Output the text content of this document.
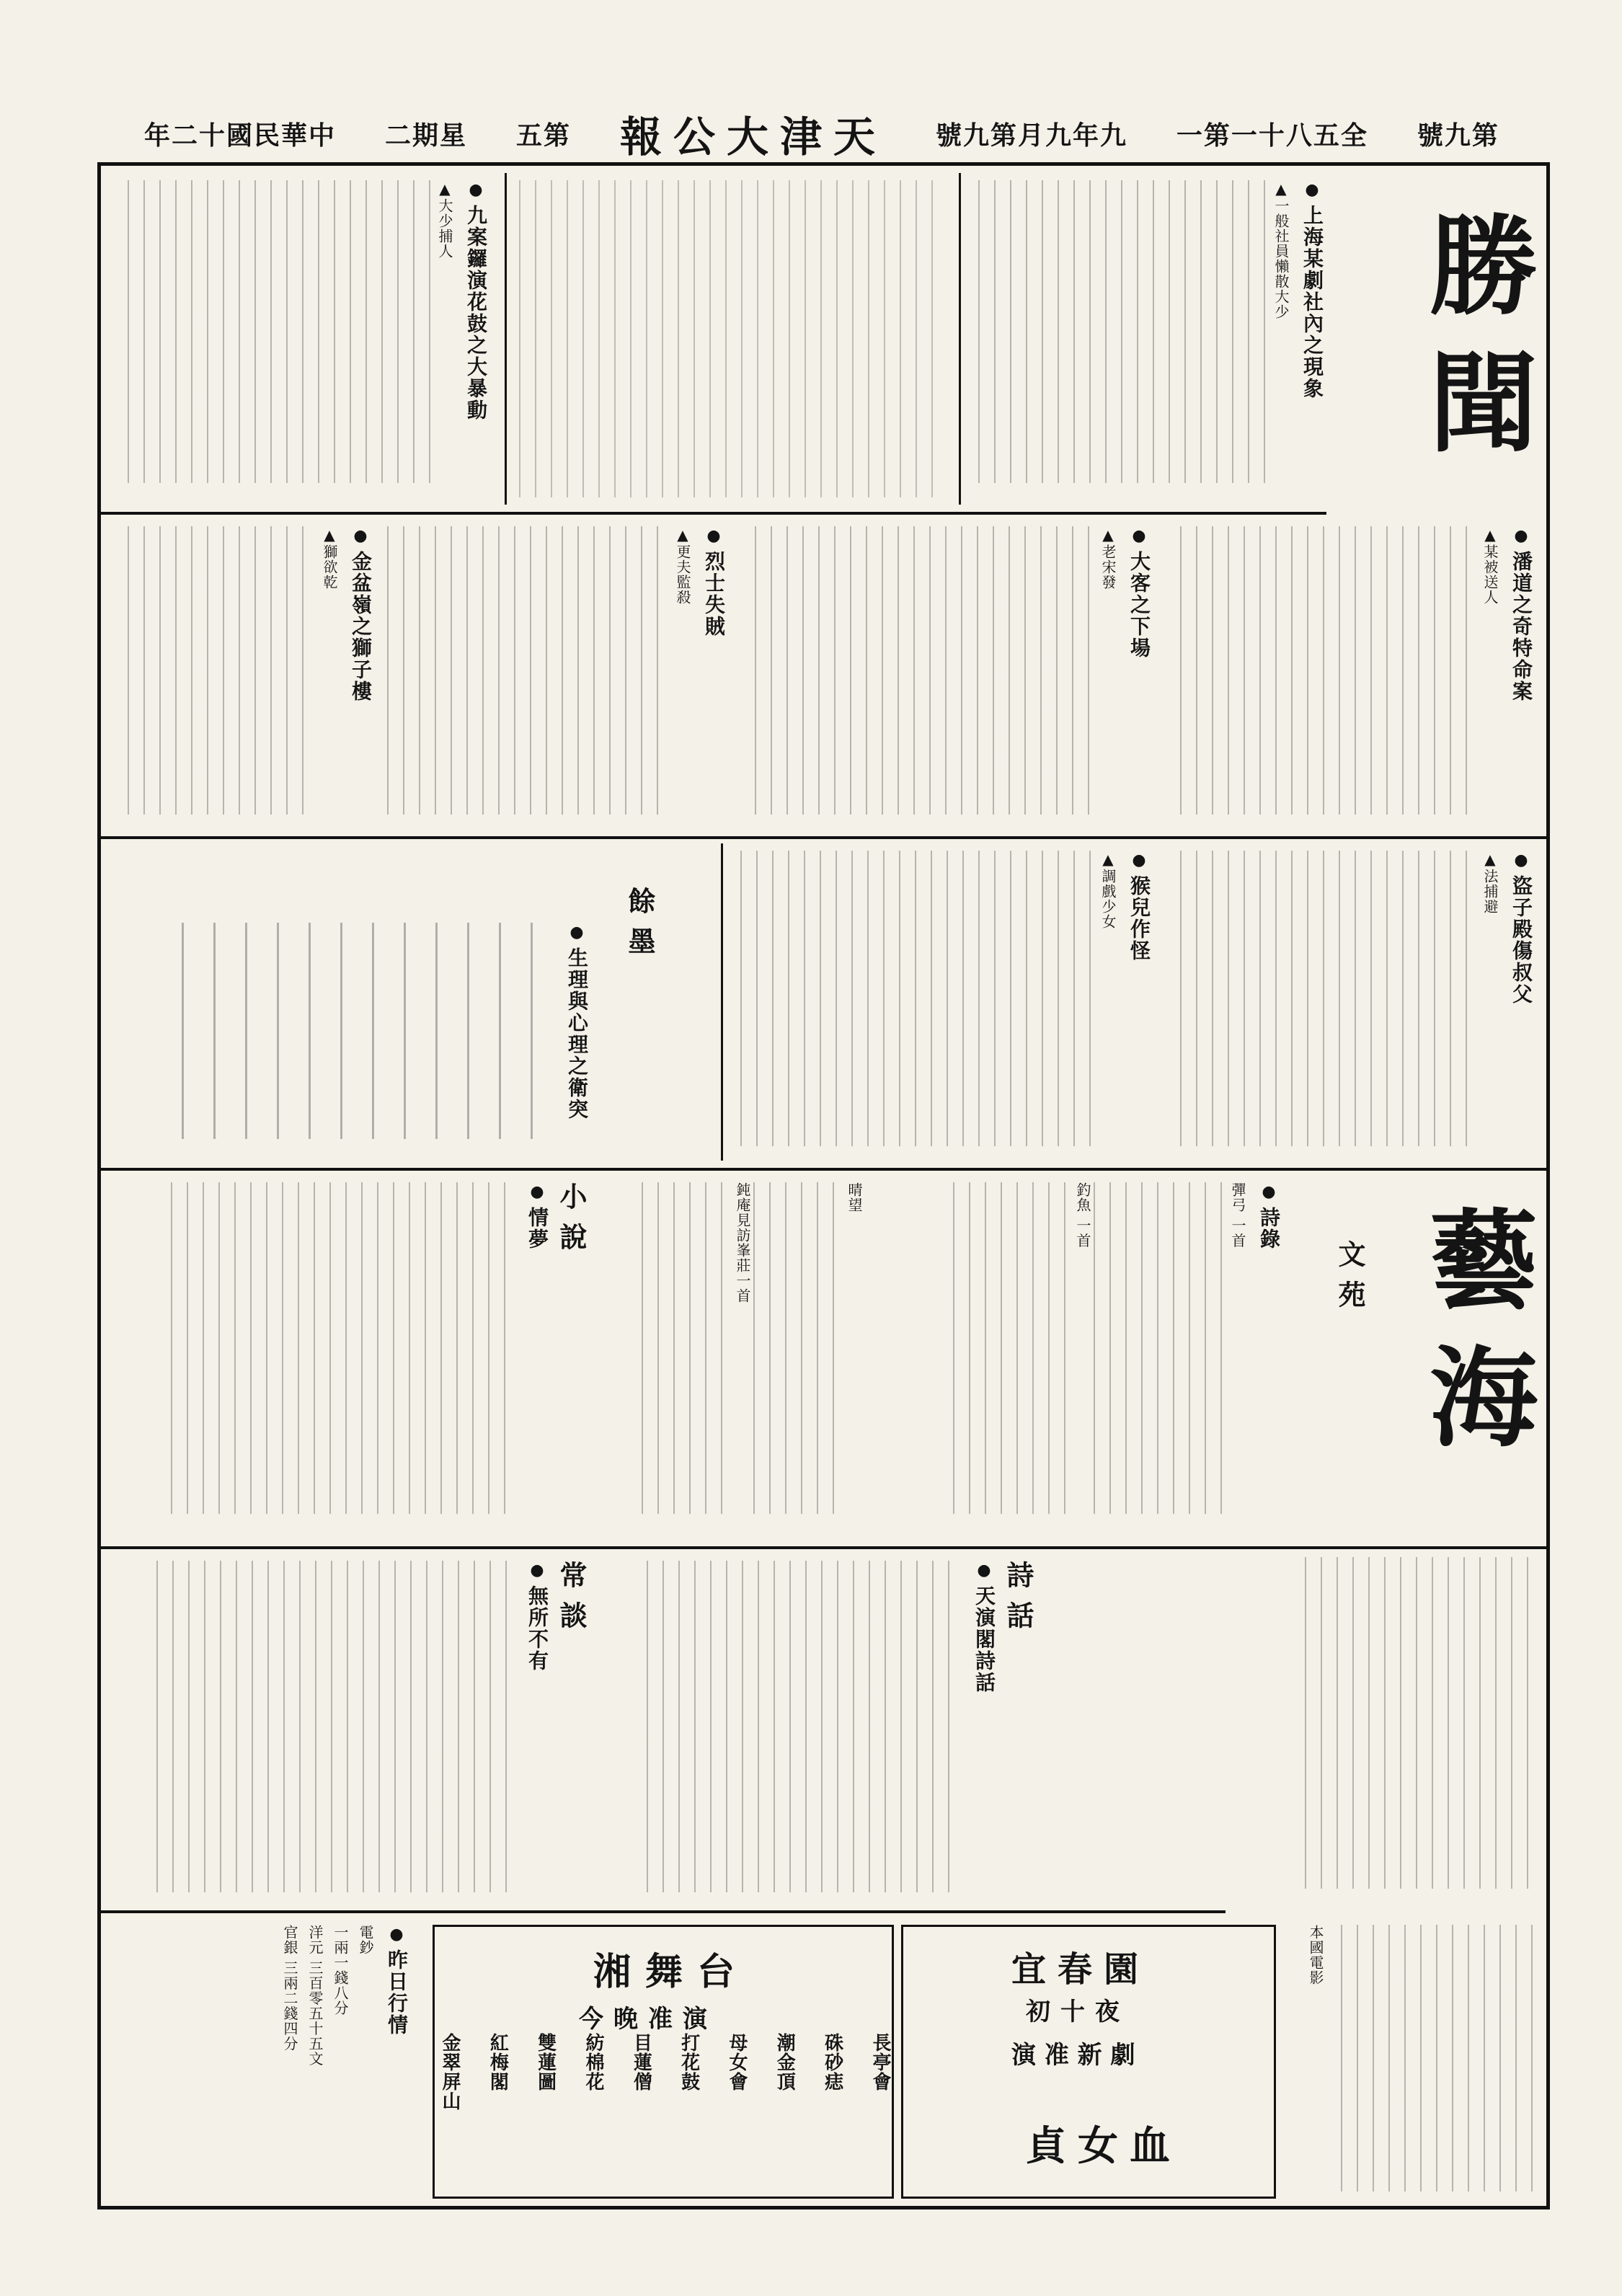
年二十國民華中 二期星 五第 報公大津天 號九第月九年九 一第一十八五全 號九第
勝聞
藝海
文苑
餘墨
● 上海某劇社內之現象
▲一般社員懶散大少
● 九案鑼演花鼓之大暴動
▲大少捕人
● 潘道之奇特命案
▲某被送人
● 大客之下場
▲老宋發
● 烈士失賊
▲更夫監殺
● 金盆嶺之獅子樓
▲獅欲乾
● 盜子殿傷叔父
▲法捕避
● 猴兒作怪
▲調戲少女
● 生理與心理之衛突
● 詩錄
彈弓 一首
釣魚 一首
晴望
鈍庵見訪峯莊一首
小說
● 情夢
詩話
● 天演閣詩話
常談
● 無所不有
● 昨日行情
電鈔
一兩一錢八分
洋元 三百零五十五文
官銀 三兩二錢四分	湘舞台
今晚准演
宜春園
初十夜
演 准 新 劇
貞女血
本國電影
長亭會
硃砂痣
潮金頂
母女會
打花鼓
目蓮僧
紡棉花
雙蓮圖
紅梅閣
金翠屏山
